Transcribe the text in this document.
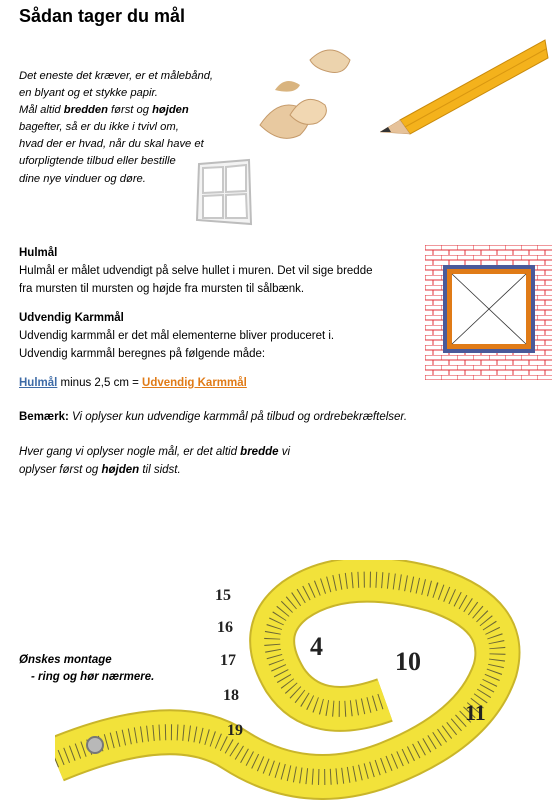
Sådan tager du mål
Det eneste det kræver, er et målebånd,
en blyant og et stykke papir.
Mål altid bredden først og højden
bagefter, så er du ikke i tvivl om,
hvad der er hvad, når du skal have et
uforpligtende tilbud eller bestille
dine nye vinduer og døre.
Hulmål
Hulmål er målet udvendigt på selve hullet i muren. Det vil sige bredde
fra mursten til mursten og højde fra mursten til sålbænk.
Udvendig Karmmål
Udvendig karmmål er det mål elementerne bliver produceret i.
Udvendig karmmål beregnes på følgende måde:
Hulmål minus 2,5 cm = Udvendig Karmmål
Bemærk: Vi oplyser kun udvendige karmmål på tilbud og ordrebekræftelser.
Hver gang vi oplyser nogle mål, er det altid bredde vi
oplyser først og højden til sidst.
15
16
17
18
19
4
10
11
Ønskes montage
- ring og hør nærmere.
